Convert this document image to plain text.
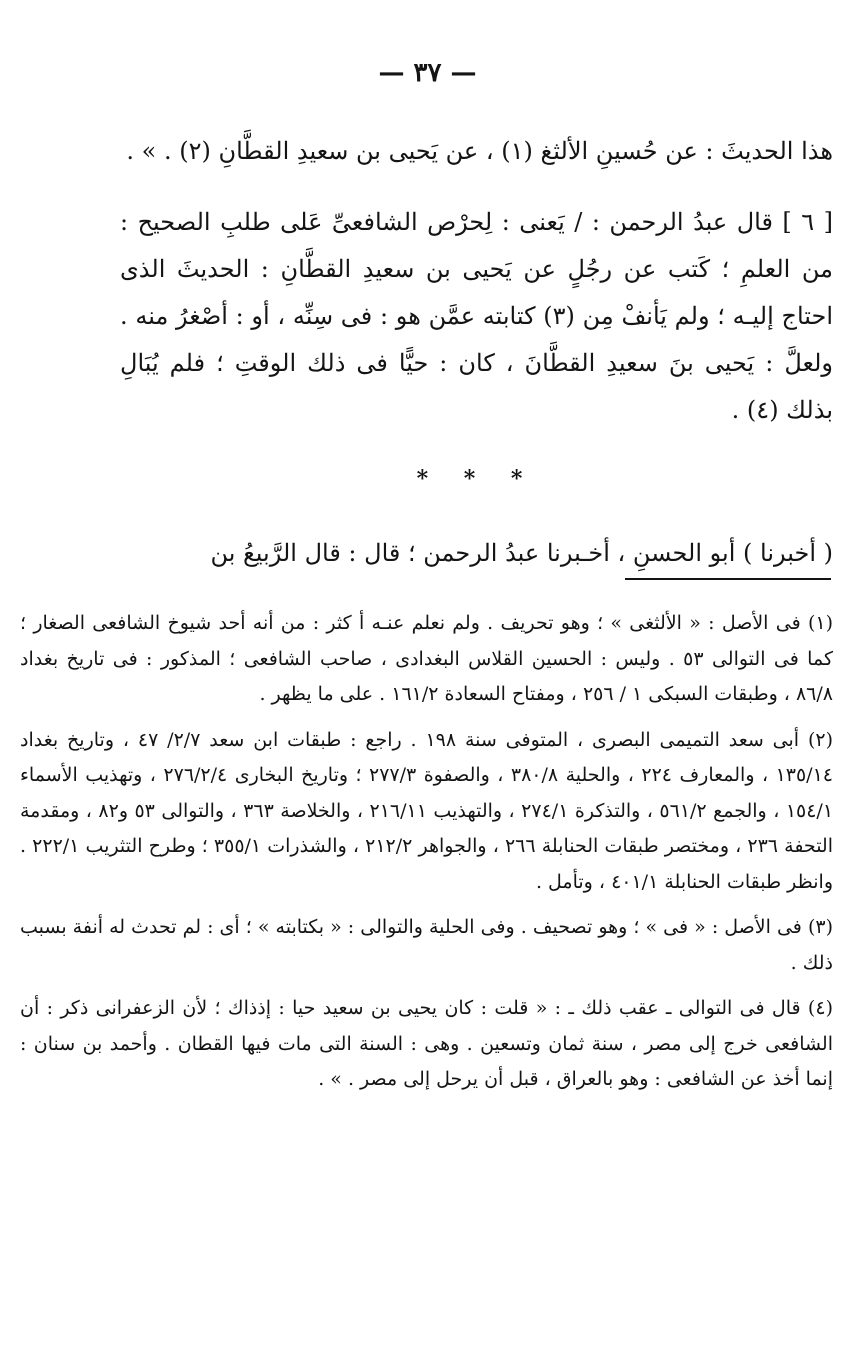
— ٣٧ —

هذا الحديثَ : عن حُسينِ الألثغ (١) ، عن يَحيى بن سعيدِ القطَّانِ (٢) . » .

[ ٦ ] قال عبدُ الرحمن : / يَعنى : لِحرْص الشافعىِّ عَلى طلبِ الصحيح : من العلمِ ؛ كَتب عن رجُلٍ عن يَحيى بن سعيدِ القطَّانِ : الحديثَ الذى احتاج إليـه ؛ ولم يَأنفْ مِن (٣) كتابته عمَّن هو : فى سِنِّه ، أو : أصْغرُ منه . ولعلَّ : يَحيى بنَ سعيدِ القطَّانَ ، كان : حيًّا فى ذلك الوقتِ ؛ فلم يُبَالِ بذلك (٤) .

* * *

( أخبرنا ) أبو الحسنِ ، أخـبرنا عبدُ الرحمن ؛ قال : قال الرَّبيعُ بن

(١) فى الأصل : « الألثغى » ؛ وهو تحريف . ولم نعلم عنـه أ كثر : من أنه أحد شيوخ الشافعى الصغار ؛ كما فى التوالى ٥٣ . وليس : الحسين القلاس البغدادى ، صاحب الشافعى ؛ المذكور : فى تاريخ بغداد ٨٦/٨ ، وطبقات السبكى ١ / ٢٥٦ ، ومفتاح السعادة ١٦١/٢ . على ما يظهر .

(٢) أبى سعد التميمى البصرى ، المتوفى سنة ١٩٨ . راجع : طبقات ابن سعد ٢/٧/ ٤٧ ، وتاريخ بغداد ١٣٥/١٤ ، والمعارف ٢٢٤ ، والحلية ٣٨٠/٨ ، والصفوة ٢٧٧/٣ ؛ وتاريخ البخارى ٢٧٦/٢/٤ ، وتهذيب الأسماء ١٥٤/١ ، والجمع ٥٦١/٢ ، والتذكرة ٢٧٤/١ ، والتهذيب ٢١٦/١١ ، والخلاصة ٣٦٣ ، والتوالى ٥٣ و٨٢ ، ومقدمة التحفة ٢٣٦ ، ومختصر طبقات الحنابلة ٢٦٦ ، والجواهر ٢١٢/٢ ، والشذرات ٣٥٥/١ ؛ وطرح التثريب ٢٢٢/١ . وانظر طبقات الحنابلة ٤٠١/١ ، وتأمل .

(٣) فى الأصل : « فى » ؛ وهو تصحيف . وفى الحلية والتوالى : « بكتابته » ؛ أى : لم تحدث له أنفة بسبب ذلك .

(٤) قال فى التوالى ـ عقب ذلك ـ : « قلت : كان يحيى بن سعيد حيا : إذذاك ؛ لأن الزعفرانى ذكر : أن الشافعى خرج إلى مصر ، سنة ثمان وتسعين . وهى : السنة التى مات فيها القطان . وأحمد بن سنان : إنما أخذ عن الشافعى : وهو بالعراق ، قبل أن يرحل إلى مصر . » .
